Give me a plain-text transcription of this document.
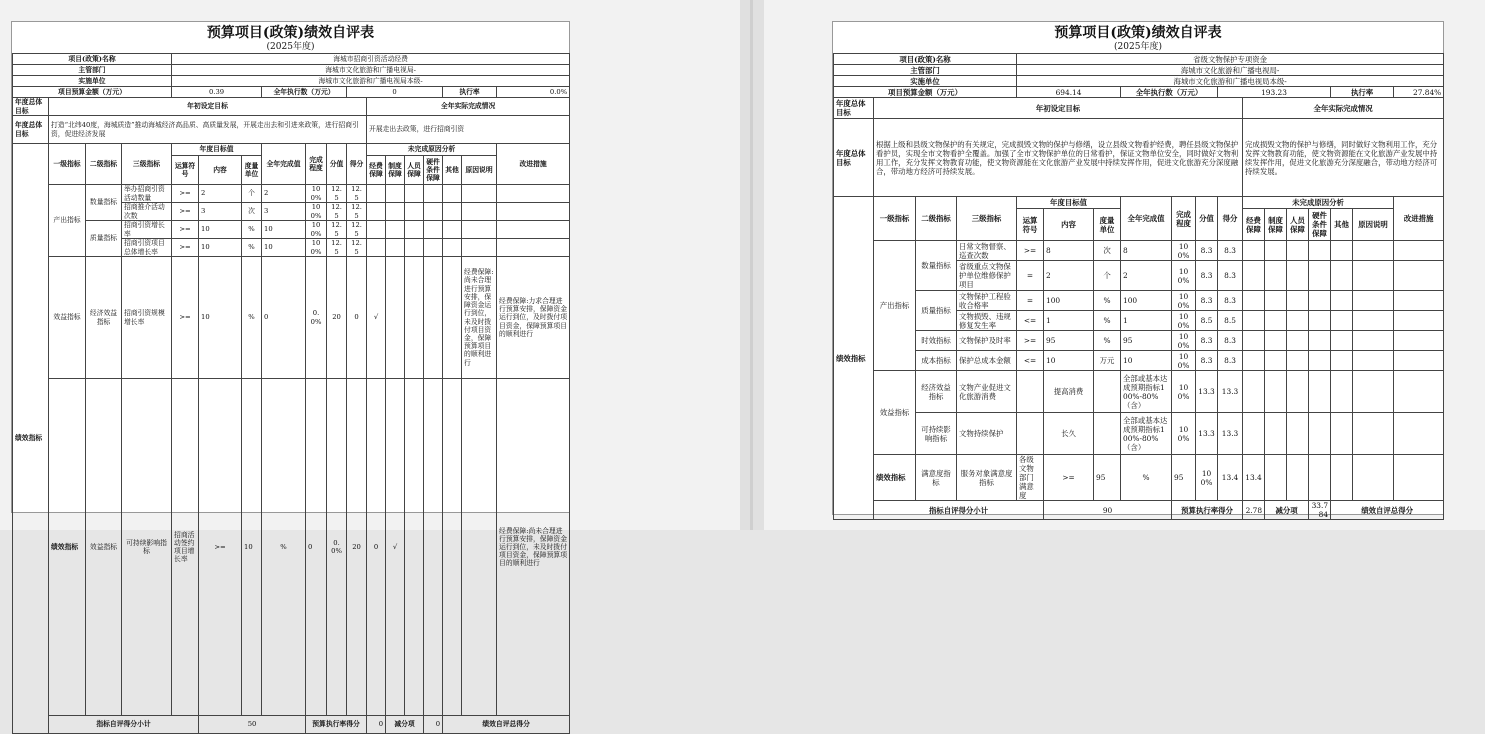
预算项目(政策)绩效自评表
(2025年度)
项目(政策)名称				海城市招商引资活动经费														
主管部门				海城市文化旅游和广播电视局-														
实施单位				海城市文化旅游和广播电视局本级-														
项目预算金额（万元）				0.39			全年执行数（万元）			0					执行率		0.0%	
年度总体目标	年初设定目标										全年实际完成情况							
年度总体目标	打造“北纬40度，海城质造”推动海城经济高品质、高质量发展，开展走出去和引进来政策，进行招商引资，促进经济发展										开展走出去政策，进行招商引资							
绩效指标	一级指标	二级指标	三级指标	年度目标值			全年完成值	完成程度	分值	得分	未完成原因分析						改进措施	
				运算符号	内容	度量单位					经费保障	制度保障	人员保障	硬件条件保障	其他	原因说明		

	产出指标	数量指标	举办招商引资活动数量	>=	2	个	2	100%	12.5	12.5								
			招商推介活动次数	>=	3	次	3	100%	12.5	12.5								
		质量指标	招商引资增长率	>=	10	%	10	100%	12.5	12.5								
			招商引资项目总体增长率	>=	10	%	10	100%	12.5	12.5								
	效益指标	经济效益指标	招商引资规模增长率	>=	10	%	0	0.0%	20	0	√					经费保障:尚未合理进行预算安排，保障资金运行到位，未及时拨付项目资金，保障预算项目的顺利进行	经费保障:力求合理进行预算安排，保障资金运行到位，及时拨付项目资金，保障预算项目的顺利进行	
	绩效指标	效益指标	可持续影响指标	招商活动签约项目增长率	>=	10	%	0	0.0%	20	0	√					经费保障:尚未合理进行预算安排，保障资金运行到位，未及时拨付项目资金，保障预算项目的顺利进行	
	指标自评得分小计				50			预算执行率得分			0	减分项		0	绩效自评总得分	
预算项目(政策)绩效自评表
(2025年度)
项目(政策)名称				省级文物保护专项资金														
主管部门				海城市文化旅游和广播电视局-														
实施单位				海城市文化旅游和广播电视局本级-														
项目预算金额（万元）				694.14			全年执行数（万元）			193.23					执行率		27.84%	
年度总体目标	年初设定目标										全年实际完成情况							
年度总体目标	根据上级和县级文物保护的有关规定，完成损毁文物的保护与修缮，设立县级文物看护经费，聘任县级文物保护看护员，实现全市文物看护全覆盖。加强了全市文物保护单位的日常看护，保证文物单位安全，同时做好文物利用工作，充分发挥文物教育功能，使文物资源能在文化旅游产业发展中持续发挥作用，促进文化旅游充分深度融合，带动地方经济可持续发展。										完成损毁文物的保护与修缮，同时做好文物利用工作，充分发挥文物教育功能，使文物资源能在文化旅游产业发展中持续发挥作用，促进文化旅游充分深度融合，带动地方经济可持续发展。							
绩效指标	一级指标	二级指标	三级指标	年度目标值			全年完成值	完成程度	分值	得分	未完成原因分析						改进措施	
				运算符号	内容	度量单位					经费保障	制度保障	人员保障	硬件条件保障	其他	原因说明		

	产出指标	数量指标	日常文物督察、巡查次数	>=	8	次	8	100%	8.3	8.3								
			省级重点文物保护单位维修保护项目	=	2	个	2	100%	8.3	8.3								
		质量指标	文物保护工程验收合格率	=	100	%	100	100%	8.3	8.3								
			文物损毁、违规修复发生率	<=	1	%	1	100%	8.5	8.5								
		时效指标	文物保护及时率	>=	95	%	95	100%	8.3	8.3								
		成本指标	保护总成本金额	<=	10	万元	10	100%	8.3	8.3								
	效益指标	经济效益指标	文物产业促进文化旅游消费		提高消费		全部或基本达成预期指标100%-80%（含）	100%	13.3	13.3								
		可持续影响指标	文物持续保护		长久		全部或基本达成预期指标100%-80%（含）	100%	13.3	13.3								
	绩效指标	满意度指标	服务对象满意度指标	各级文物部门满意度	>=	95	%	95	100%	13.4	13.4							
	指标自评得分小计				90			预算执行率得分			2.78	减分项		33.784	绩效自评总得分	
